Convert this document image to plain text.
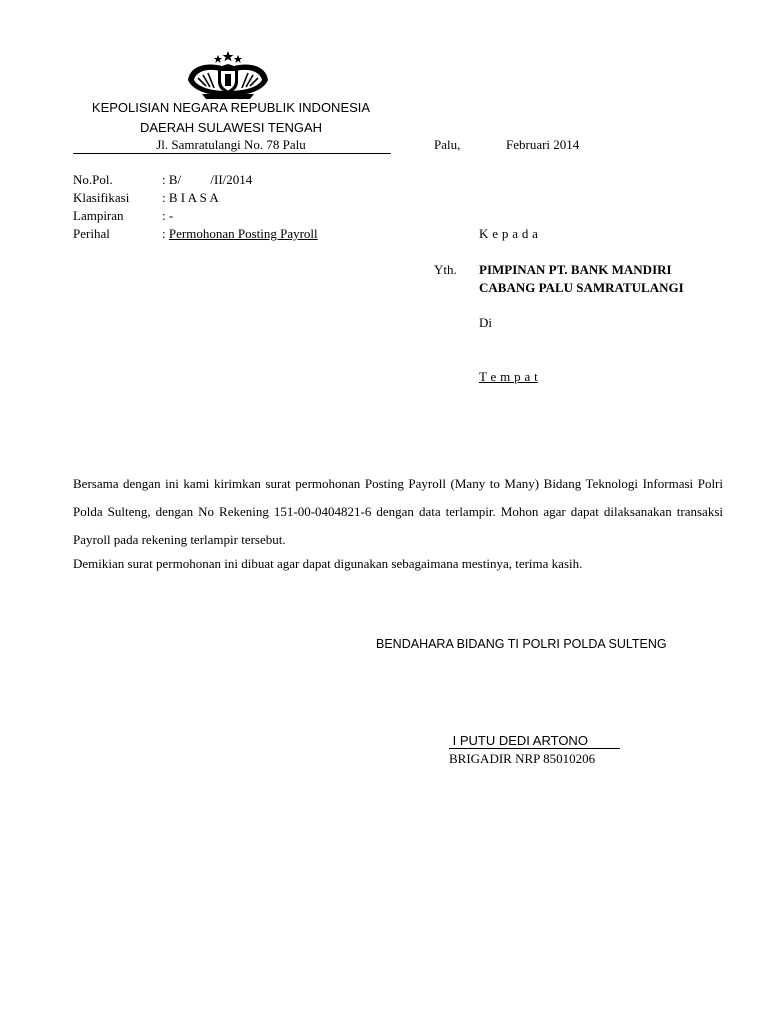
KEPOLISIAN NEGARA REPUBLIK INDONESIA
DAERAH SULAWESI TENGAH
Jl. Samratulangi No. 78 Palu	Palu,	Februari 2014
No.Pol.	: B/         /II/2014
Klasifikasi	: B I A S A
Lampiran	: -
Perihal	: Permohonan Posting Payroll	K e p a d a
Yth. PIMPINAN PT. BANK MANDIRI
CABANG PALU SAMRATULANGI
Di
T e m p a t
Bersama dengan ini kami kirimkan surat permohonan Posting Payroll (Many to Many) Bidang Teknologi Informasi Polri Polda Sulteng, dengan No Rekening 151-00-0404821-6 dengan data terlampir. Mohon agar dapat dilaksanakan transaksi Payroll pada rekening terlampir tersebut.
Demikian surat permohonan ini dibuat agar dapat digunakan sebagaimana mestinya, terima kasih.
BENDAHARA BIDANG TI POLRI POLDA SULTENG
I PUTU DEDI ARTONO
BRIGADIR NRP 85010206
